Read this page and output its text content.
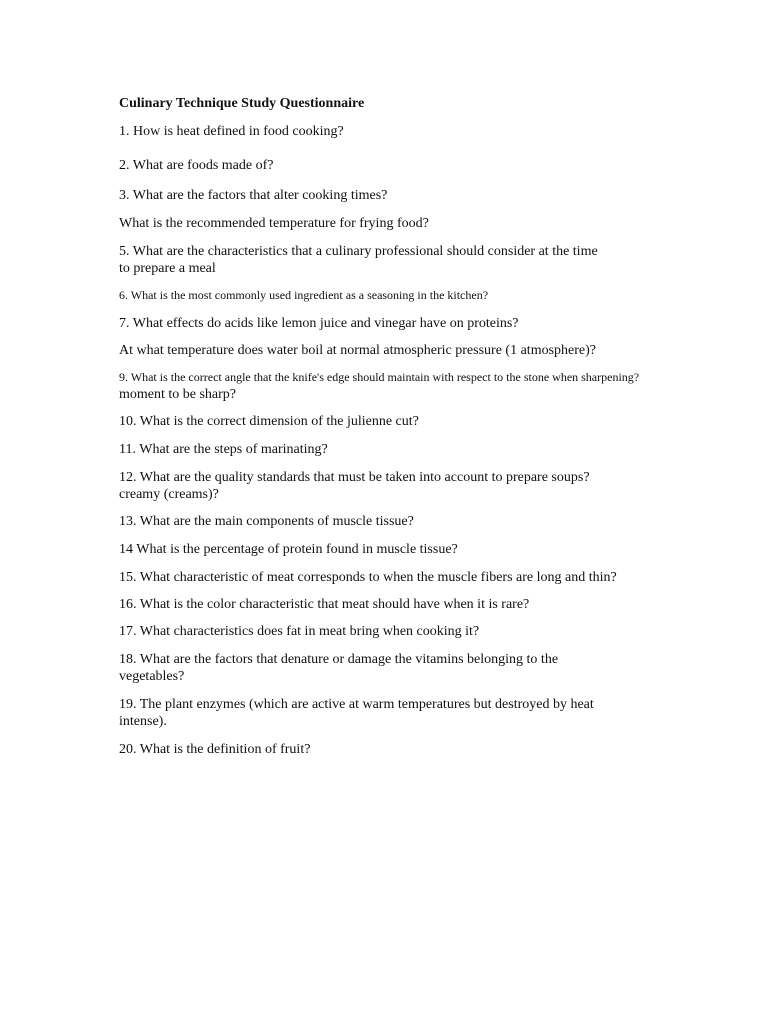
Culinary Technique Study Questionnaire
1. How is heat defined in food cooking?
2. What are foods made of?
3. What are the factors that alter cooking times?
What is the recommended temperature for frying food?
5. What are the characteristics that a culinary professional should consider at the time
to prepare a meal
6. What is the most commonly used ingredient as a seasoning in the kitchen?
7. What effects do acids like lemon juice and vinegar have on proteins?
At what temperature does water boil at normal atmospheric pressure (1 atmosphere)?
9. What is the correct angle that the knife's edge should maintain with respect to the stone when sharpening?
moment to be sharp?
10. What is the correct dimension of the julienne cut?
11. What are the steps of marinating?
12. What are the quality standards that must be taken into account to prepare soups?
creamy (creams)?
13. What are the main components of muscle tissue?
14 What is the percentage of protein found in muscle tissue?
15. What characteristic of meat corresponds to when the muscle fibers are long and thin?
16. What is the color characteristic that meat should have when it is rare?
17. What characteristics does fat in meat bring when cooking it?
18. What are the factors that denature or damage the vitamins belonging to the
vegetables?
19. The plant enzymes (which are active at warm temperatures but destroyed by heat
intense).
20. What is the definition of fruit?
